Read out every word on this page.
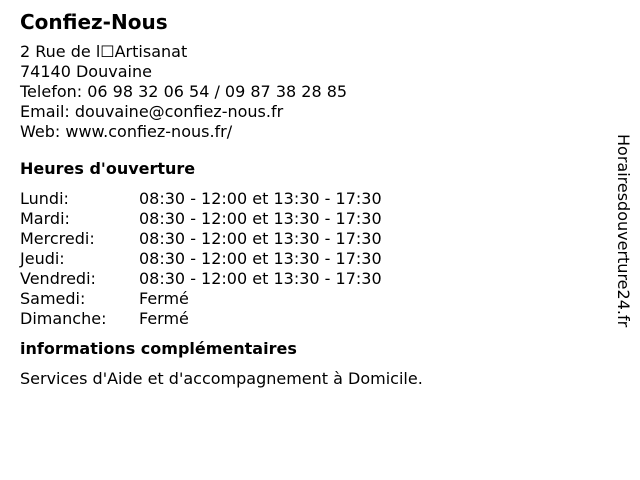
Confiez-Nous
2 Rue de l☐Artisanat
74140 Douvaine
Telefon: 06 98 32 06 54 / 09 87 38 28 85
Email: douvaine@confiez-nous.fr
Web: www.confiez-nous.fr/
Heures d'ouverture
Lundi:	08:30 - 12:00 et 13:30 - 17:30
Mardi:	08:30 - 12:00 et 13:30 - 17:30
Mercredi:	08:30 - 12:00 et 13:30 - 17:30
Jeudi:	08:30 - 12:00 et 13:30 - 17:30
Vendredi:	08:30 - 12:00 et 13:30 - 17:30
Samedi:	Fermé
Dimanche:	Fermé
informations complémentaires
Services d'Aide et d'accompagnement à Domicile.
Horairesdouverture24.fr
